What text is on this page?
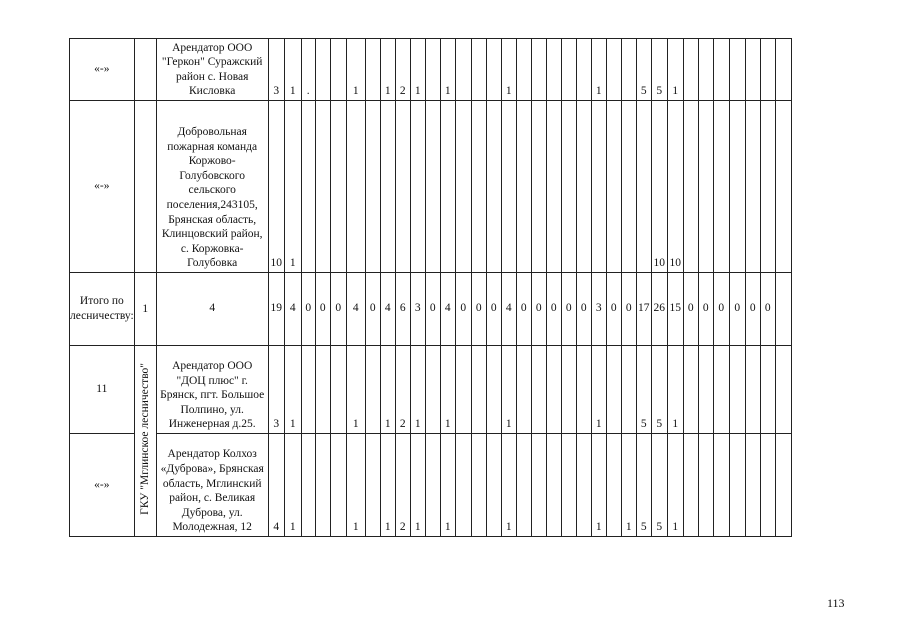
«-»		Арендатор ООО "Геркон" Суражский район с. Новая Кисловка	3	1	.			1		1	2	1		1				1						1			5	5	1							
«-»		Добровольная пожарная команда Коржово-Голубовского сельского поселения,243105, Брянская область, Клинцовский район, с. Коржовка-Голубовка	10	1																								10	10							
Итого по лесничеству:	1	4	19	4	0	0	0	4	0	4	6	3	0	4	0	0	0	4	0	0	0	0	0	3	0	0	17	26	15	0	0	0	0	0	0	
11	ГКУ "Мглинское лесничество"	Арендатор ООО "ДОЦ плюс" г. Брянск, пгт. Большое Полпино, ул. Инженерная д.25.	3	1				1		1	2	1		1				1						1			5	5	1							
«-»		Арендатор Колхоз «Дуброва», Брянская область, Мглинский район, с. Великая Дуброва, ул. Молодежная, 12	4	1				1		1	2	1		1				1						1		1	5	5	1							
113
